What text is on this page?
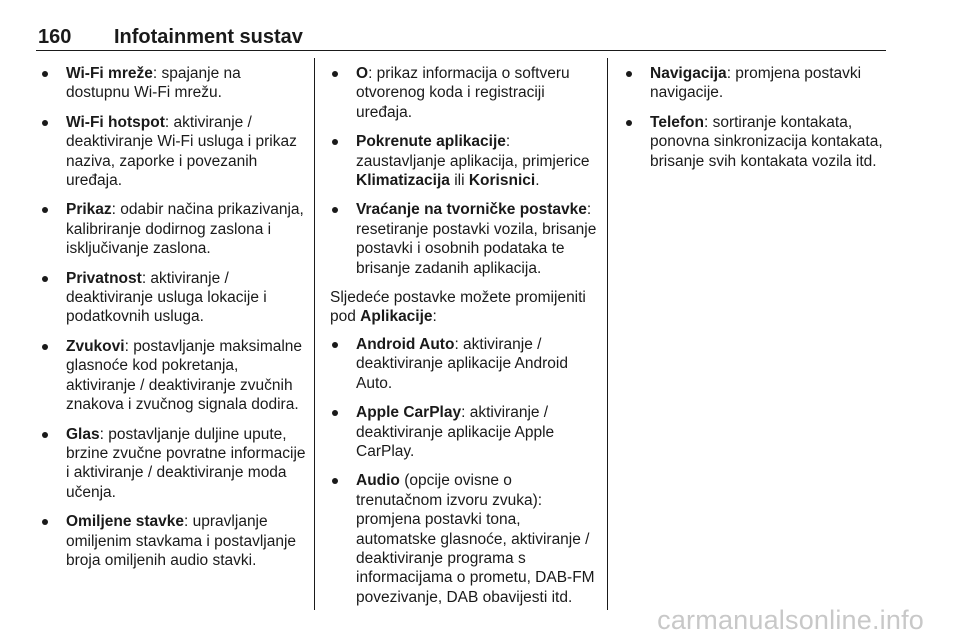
160 Infotainment sustav
Wi-Fi mreže: spajanje na dostupnu Wi-Fi mrežu.
Wi-Fi hotspot: aktiviranje / deaktiviranje Wi-Fi usluga i prikaz naziva, zaporke i povezanih uređaja.
Prikaz: odabir načina prikazivanja, kalibriranje dodirnog zaslona i isključivanje zaslona.
Privatnost: aktiviranje / deaktiviranje usluga lokacije i podatkovnih usluga.
Zvukovi: postavljanje maksimalne glasnoće kod pokretanja, aktiviranje / deaktiviranje zvučnih znakova i zvučnog signala dodira.
Glas: postavljanje duljine upute, brzine zvučne povratne informacije i aktiviranje / deaktiviranje moda učenja.
Omiljene stavke: upravljanje omiljenim stavkama i postavljanje broja omiljenih audio stavki.
O: prikaz informacija o softveru otvorenog koda i registraciji uređaja.
Pokrenute aplikacije: zaustavljanje aplikacija, primjerice Klimatizacija ili Korisnici.
Vraćanje na tvorničke postavke: resetiranje postavki vozila, brisanje postavki i osobnih podataka te brisanje zadanih aplikacija.

Sljedeće postavke možete promijeniti pod Aplikacije:

Android Auto: aktiviranje / deaktiviranje aplikacije Android Auto.
Apple CarPlay: aktiviranje / deaktiviranje aplikacije Apple CarPlay.
Audio (opcije ovisne o trenutačnom izvoru zvuka): promjena postavki tona, automatske glasnoće, aktiviranje / deaktiviranje programa s informacijama o prometu, DAB-FM povezivanje, DAB obavijesti itd.
Navigacija: promjena postavki navigacije.
Telefon: sortiranje kontakata, ponovna sinkronizacija kontakata, brisanje svih kontakata vozila itd.
carmanualsonline.info
